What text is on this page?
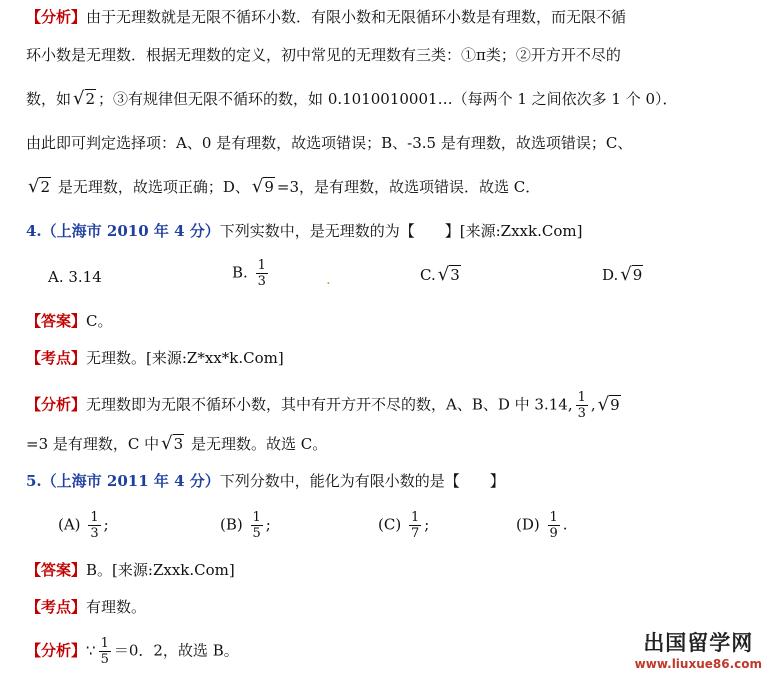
【分析】由于无理数就是无限不循环小数．有限小数和无限循环小数是有理数，而无限不循
环小数是无理数．根据无理数的定义，初中常见的无理数有三类：①π类；②开方开不尽的
数，如 √2 ；③有规律但无限不循环的数，如 0.1010010001…（每两个 1 之间依次多 1 个 0）．
由此即可判定选择项：A、0 是有理数，故选项错误；B、-3.5 是有理数，故选项错误；C、
√2 是无理数，故选项正确；D、 √9 =3，是有理数，故选项错误．故选 C．
4.（上海市 2010 年 4 分）下列实数中，是无理数的为【　　】[来源:Zxxk.Com]
A. 3.14	B. $\frac{1}{3}$	.	C. √3	D. √9
【答案】C。
【考点】无理数。[来源:Z*xx*k.Com]
【分析】无理数即为无限不循环小数，其中有开方开不尽的数，A、B、D 中 3.14, $\frac{1}{3}$ , √9
=3 是有理数，C 中 √3 是无理数。故选 C。
5.（上海市 2011 年 4 分）下列分数中，能化为有限小数的是【　　】
$(A) \frac{1}{3}$ ;	$(B) \frac{1}{5}$ ;	$(C) \frac{1}{7}$ ;	$(D) \frac{1}{9}$ .
【答案】B。[来源:Zxxk.Com]
【考点】有理数。
【分析】∵ $\frac{1}{5} =0$．2，故选 B。	出国留学网
www.liuxue86.com
